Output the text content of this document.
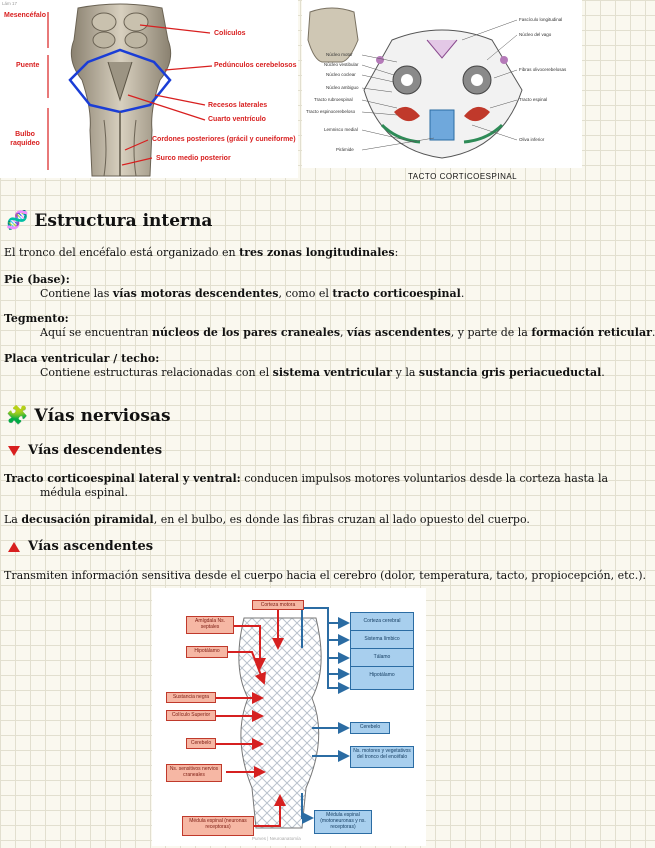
Lám 17
Mesencéfalo
Puente
Bulbo raquídeo
Colículos
Pedúnculos cerebelosos
Recesos laterales
Cuarto ventrículo
Cordones posteriores (grácil y cuneiforme)
Surco medio posterior
Núcleo motor
Núcleo vestibular
Núcleo coclear
Núcleo ambiguo
Tracto rubroespinal
Tracto espinocerebeloso
Lemnisco medial
Pirámide
Fascículo longitudinal
Núcleo del vago
Fibras olivocerebelosas
Tracto espinal
Oliva inferior
TACTO CORTICOESPINAL
🧬 Estructura interna
El tronco del encéfalo está organizado en tres zonas longitudinales:
Pie (base):
Contiene las vías motoras descendentes, como el tracto corticoespinal.
Tegmento:
Aquí se encuentran núcleos de los pares craneales, vías ascendentes, y parte de la formación reticular
Placa ventricular / techo:
Contiene estructuras relacionadas con el sistema ventricular y la sustancia gris periacueductal.
🧩 Vías nerviosas
Vías descendentes
Tracto corticoespinal lateral y ventral: conducen impulsos motores voluntarios desde la corteza hasta la
médula espinal.
La decusación piramidal, en el bulbo, es donde las fibras cruzan al lado opuesto del cuerpo.
Vías ascendentes
Transmiten información sensitiva desde el cuerpo hacia el cerebro (dolor, temperatura, tacto, propiocepción, etc.).
Corteza motora
Amígdala Ns. septales
Hipotálamo
Sustancia negra
Colículo Superior
Cerebelo
Ns. sensitivos nervios craneales
Médula espinal (neuronas receptoras)
Corteza cerebral
Sistema límbico
Tálamo
Hipotálamo
Cerebelo
Ns. motores y vegetativos del tronco del encéfalo
Médula espinal (motoneuronas y ns. receptoras)
Purves | Neuroanatomía
